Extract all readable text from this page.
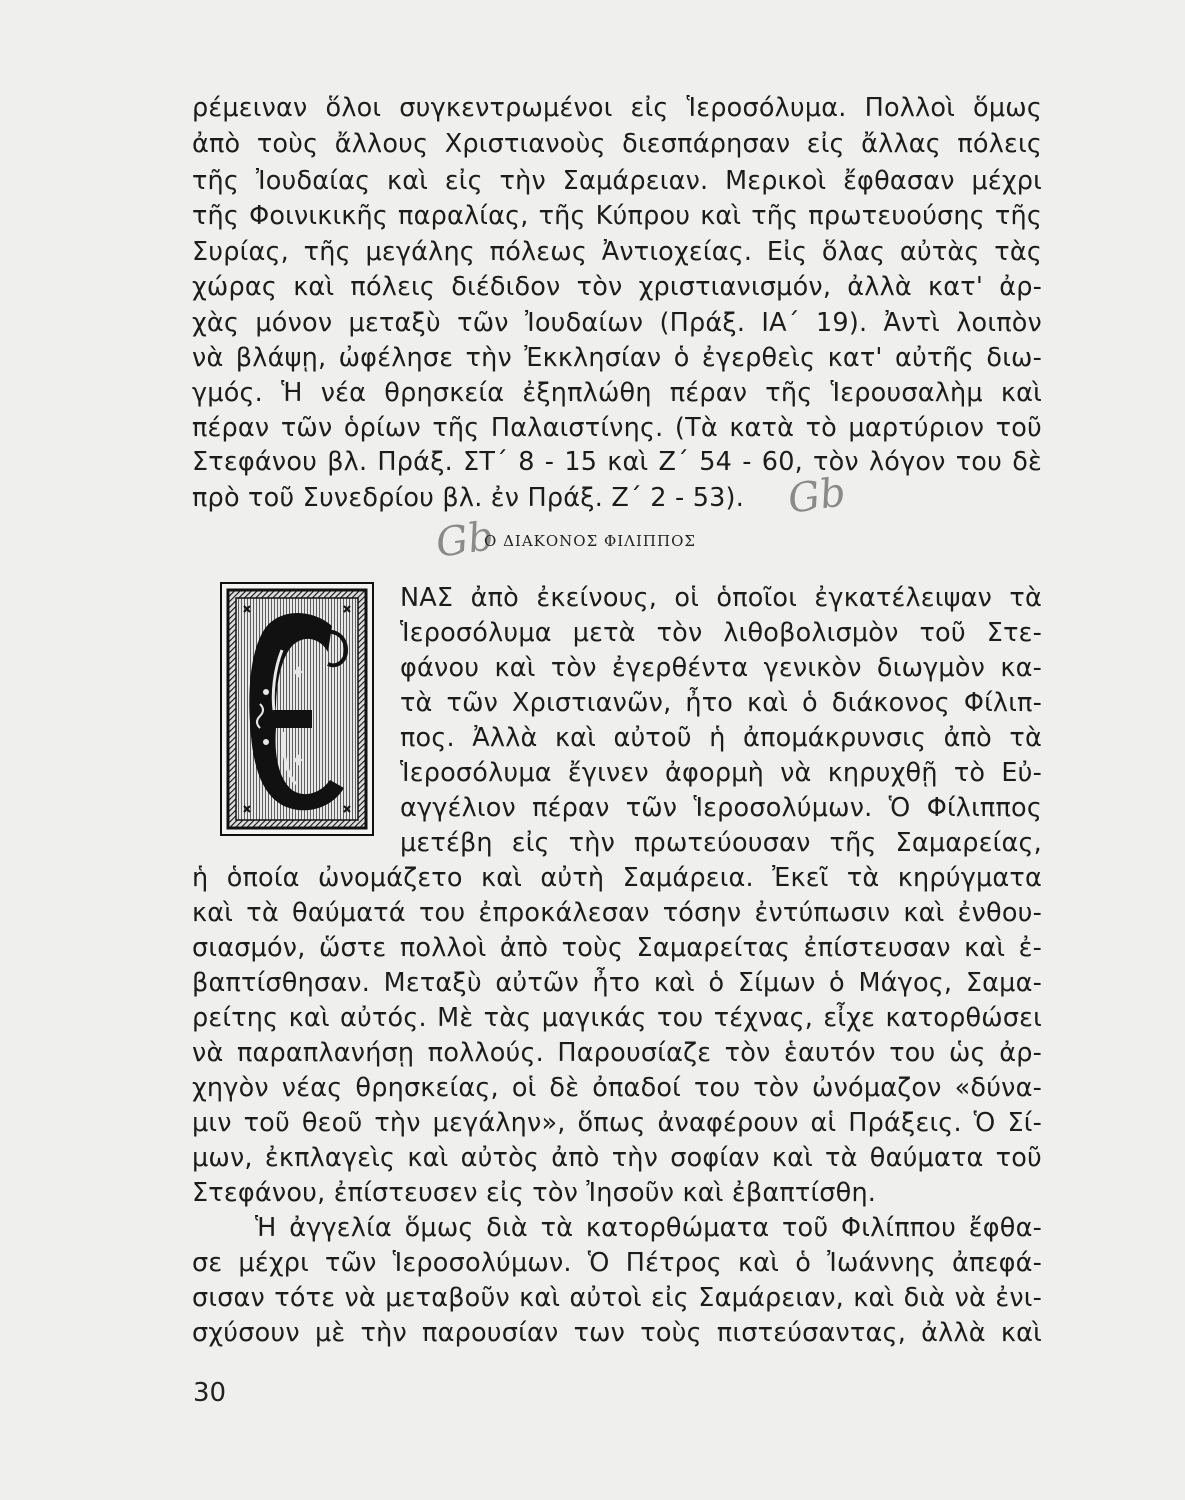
ρέμειναν ὅλοι συγκεντρωμένοι εἰς Ἱεροσόλυμα. Πολλοὶ ὅμως
ἀπὸ τοὺς ἄλλους Χριστιανοὺς διεσπάρησαν εἰς ἄλλας πόλεις
τῆς Ἰουδαίας καὶ εἰς τὴν Σαμάρειαν. Μερικοὶ ἔφθασαν μέχρι
τῆς Φοινικικῆς παραλίας, τῆς Κύπρου καὶ τῆς πρωτευούσης τῆς
Συρίας, τῆς μεγάλης πόλεως Ἀντιοχείας. Εἰς ὅλας αὐτὰς τὰς
χώρας καὶ πόλεις διέδιδον τὸν χριστιανισμόν, ἀλλὰ κατ' ἀρ-
χὰς μόνον μεταξὺ τῶν Ἰουδαίων (Πράξ. ΙΑ΄ 19). Ἀντὶ λοιπὸν
νὰ βλάψῃ, ὠφέλησε τὴν Ἐκκλησίαν ὁ ἐγερθεὶς κατ' αὐτῆς διω-
γμός. Ἡ νέα θρησκεία ἐξηπλώθη πέραν τῆς Ἱερουσαλὴμ καὶ
πέραν τῶν ὁρίων τῆς Παλαιστίνης. (Τὰ κατὰ τὸ μαρτύριον τοῦ
Στεφάνου βλ. Πράξ. ΣΤ΄ 8 - 15 καὶ Ζ΄ 54 - 60, τὸν λόγον του δὲ
πρὸ τοῦ Συνεδρίου βλ. ἐν Πράξ. Ζ΄ 2 - 53).	Gb
Gb
Ο ΔΙΑΚΟΝΟΣ ΦΙΛΙΠΠΟΣ
ΝΑΣ ἀπὸ ἐκείνους, οἱ ὁποῖοι ἐγκατέλειψαν τὰ
Ἱεροσόλυμα μετὰ τὸν λιθοβολισμὸν τοῦ Στε-
φάνου καὶ τὸν ἐγερθέντα γενικὸν διωγμὸν κα-
τὰ τῶν Χριστιανῶν, ἦτο καὶ ὁ διάκονος Φίλιπ-
πος. Ἀλλὰ καὶ αὐτοῦ ἡ ἀπομάκρυνσις ἀπὸ τὰ
Ἱεροσόλυμα ἔγινεν ἀφορμὴ νὰ κηρυχθῇ τὸ Εὐ-
αγγέλιον πέραν τῶν Ἱεροσολύμων. Ὁ Φίλιππος
μετέβη εἰς τὴν πρωτεύουσαν τῆς Σαμαρείας,
ἡ ὁποία ὠνομάζετο καὶ αὐτὴ Σαμάρεια. Ἐκεῖ τὰ κηρύγματα
καὶ τὰ θαύματά του ἐπροκάλεσαν τόσην ἐντύπωσιν καὶ ἐνθου-
σιασμόν, ὥστε πολλοὶ ἀπὸ τοὺς Σαμαρείτας ἐπίστευσαν καὶ ἐ-
βαπτίσθησαν. Μεταξὺ αὐτῶν ἦτο καὶ ὁ Σίμων ὁ Μάγος, Σαμα-
ρείτης καὶ αὐτός. Μὲ τὰς μαγικάς του τέχνας, εἶχε κατορθώσει
νὰ παραπλανήσῃ πολλούς. Παρουσίαζε τὸν ἑαυτόν του ὡς ἀρ-
χηγὸν νέας θρησκείας, οἱ δὲ ὀπαδοί του τὸν ὠνόμαζον «δύνα-
μιν τοῦ θεοῦ τὴν μεγάλην», ὅπως ἀναφέρουν αἱ Πράξεις. Ὁ Σί-
μων, ἐκπλαγεὶς καὶ αὐτὸς ἀπὸ τὴν σοφίαν καὶ τὰ θαύματα τοῦ
Στεφάνου, ἐπίστευσεν εἰς τὸν Ἰησοῦν καὶ ἐβαπτίσθη.
Ἡ ἀγγελία ὅμως διὰ τὰ κατορθώματα τοῦ Φιλίππου ἔφθα-
σε μέχρι τῶν Ἱεροσολύμων. Ὁ Πέτρος καὶ ὁ Ἰωάννης ἀπεφά-
σισαν τότε νὰ μεταβοῦν καὶ αὐτοὶ εἰς Σαμάρειαν, καὶ διὰ νὰ ἐνι-
σχύσουν μὲ τὴν παρουσίαν των τοὺς πιστεύσαντας, ἀλλὰ καὶ
30
